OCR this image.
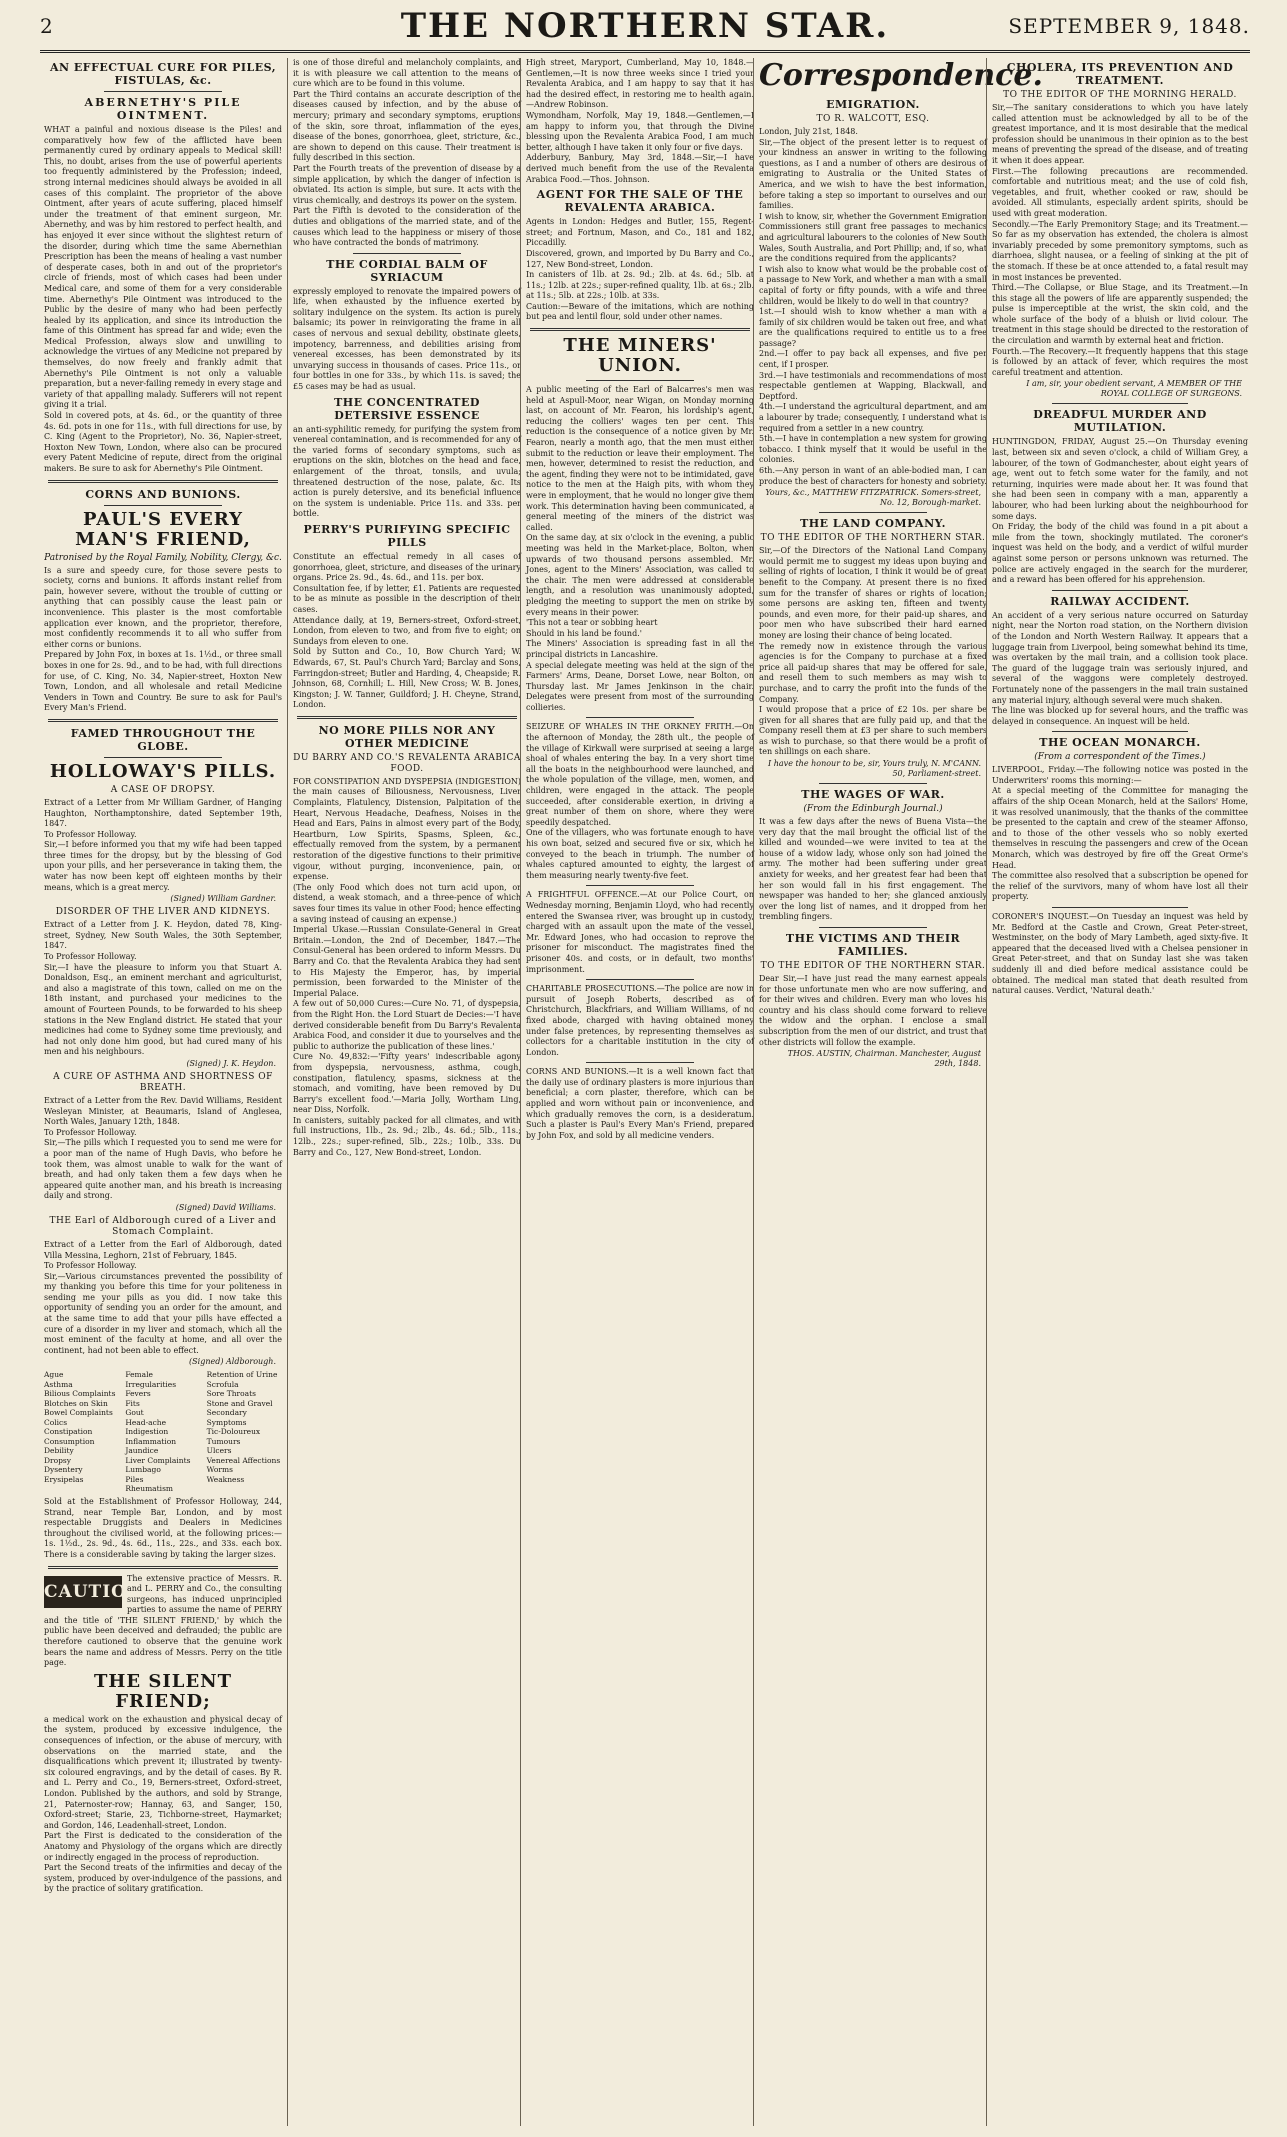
2	THE NORTHERN STAR.	SEPTEMBER 9, 1848.
AN EFFECTUAL CURE FOR PILES, FISTULAS, &c.
ABERNETHY'S PILE OINTMENT.

WHAT a painful and noxious disease is the Piles! and comparatively how few of the afflicted have been permanently cured by ordinary appeals to Medical skill! This, no doubt, arises from the use of powerful aperients too frequently administered by the Profession; indeed, strong internal medicines should always be avoided in all cases of this complaint. The proprietor of the above Ointment, after years of acute suffering, placed himself under the treatment of that eminent surgeon, Mr. Abernethy, and was by him restored to perfect health, and has enjoyed it ever since without the slightest return of the disorder, during which time the same Abernethian Prescription has been the means of healing a vast number of desperate cases, both in and out of the proprietor's circle of friends, most of which cases had been under Medical care, and some of them for a very considerable time. Abernethy's Pile Ointment was introduced to the Public by the desire of many who had been perfectly healed by its application, and since its introduction the fame of this Ointment has spread far and wide; even the Medical Profession, always slow and unwilling to acknowledge the virtues of any Medicine not prepared by themselves, do now freely and frankly admit that Abernethy's Pile Ointment is not only a valuable preparation, but a never-failing remedy in every stage and variety of that appalling malady. Sufferers will not repent giving it a trial.
Sold in covered pots, at 4s. 6d., or the quantity of three 4s. 6d. pots in one for 11s., with full directions for use, by C. King (Agent to the Proprietor), No. 36, Napier-street, Hoxton New Town, London, where also can be procured every Patent Medicine of repute, direct from the original makers. Be sure to ask for Abernethy's Pile Ointment.

CORNS AND BUNIONS.
PAUL'S EVERY MAN'S FRIEND,
Patronised by the Royal Family, Nobility, Clergy, &c.

Is a sure and speedy cure, for those severe pests to society, corns and bunions. It affords instant relief from pain, however severe, without the trouble of cutting or anything that can possibly cause the least pain or inconvenience. This plaster is the most comfortable application ever known, and the proprietor, therefore, most confidently recommends it to all who suffer from either corns or bunions.
Prepared by John Fox, in boxes at 1s. 1½d., or three small boxes in one for 2s. 9d., and to be had, with full directions for use, of C. King, No. 34, Napier-street, Hoxton New Town, London, and all wholesale and retail Medicine Venders in Town and Country. Be sure to ask for Paul's Every Man's Friend.

FAMED THROUGHOUT THE GLOBE.
HOLLOWAY'S PILLS.
A CASE OF DROPSY.

Extract of a Letter from Mr William Gardner, of Hanging Haughton, Northamptonshire, dated September 19th, 1847.
To Professor Holloway.
Sir,—I before informed you that my wife had been tapped three times for the dropsy, but by the blessing of God upon your pills, and her perseverance in taking them, the water has now been kept off eighteen months by their means, which is a great mercy.

(Signed) William Gardner.
DISORDER OF THE LIVER AND KIDNEYS.

Extract of a Letter from J. K. Heydon, dated 78, King-street, Sydney, New South Wales, the 30th September, 1847.
To Professor Holloway.
Sir,—I have the pleasure to inform you that Stuart A. Donaldson, Esq., an eminent merchant and agriculturist, and also a magistrate of this town, called on me on the 18th instant, and purchased your medicines to the amount of Fourteen Pounds, to be forwarded to his sheep stations in the New England district. He stated that your medicines had come to Sydney some time previously, and had not only done him good, but had cured many of his men and his neighbours.

(Signed) J. K. Heydon.
A CURE OF ASTHMA AND SHORTNESS OF BREATH.

Extract of a Letter from the Rev. David Williams, Resident Wesleyan Minister, at Beaumaris, Island of Anglesea, North Wales, January 12th, 1848.
To Professor Holloway.
Sir,—The pills which I requested you to send me were for a poor man of the name of Hugh Davis, who before he took them, was almost unable to walk for the want of breath, and had only taken them a few days when he appeared quite another man, and his breath is increasing daily and strong.

(Signed) David Williams.
THE Earl of Aldborough cured of a Liver and Stomach Complaint.

Extract of a Letter from the Earl of Aldborough, dated Villa Messina, Leghorn, 21st of February, 1845.
To Professor Holloway.
Sir,—Various circumstances prevented the possibility of my thanking you before this time for your politeness in sending me your pills as you did. I now take this opportunity of sending you an order for the amount, and at the same time to add that your pills have effected a cure of a disorder in my liver and stomach, which all the most eminent of the faculty at home, and all over the continent, had not been able to effect.

(Signed) Aldborough.
Ague
Asthma
Bilious Complaints
Blotches on Skin
Bowel Complaints
Colics
Constipation
Consumption
Debility
Dropsy
Dysentery
Erysipelas
Female Irregularities
Fevers
Fits
Gout
Head-ache
Indigestion
Inflammation
Jaundice
Liver Complaints
Lumbago
Piles
Rheumatism
Retention of Urine
Scrofula
Sore Throats
Stone and Gravel
Secondary Symptoms
Tic-Doloureux
Tumours
Ulcers
Venereal Affections
Worms
Weakness

Sold at the Establishment of Professor Holloway, 244, Strand, near Temple Bar, London, and by most respectable Druggists and Dealers in Medicines throughout the civilised world, at the following prices:—1s. 1½d., 2s. 9d., 4s. 6d., 11s., 22s., and 33s. each box. There is a considerable saving by taking the larger sizes.

CAUTION

The extensive practice of Messrs. R. and L. PERRY and Co., the consulting surgeons, has induced unprincipled parties to assume the name of PERRY and the title of 'THE SILENT FRIEND,' by which the public have been deceived and defrauded; the public are therefore cautioned to observe that the genuine work bears the name and address of Messrs. Perry on the title page.

THE SILENT FRIEND;

a medical work on the exhaustion and physical decay of the system, produced by excessive indulgence, the consequences of infection, or the abuse of mercury, with observations on the married state, and the disqualifications which prevent it; illustrated by twenty-six coloured engravings, and by the detail of cases. By R. and L. Perry and Co., 19, Berners-street, Oxford-street, London. Published by the authors, and sold by Strange, 21, Paternoster-row; Hannay, 63, and Sanger, 150, Oxford-street; Starie, 23, Tichborne-street, Haymarket; and Gordon, 146, Leadenhall-street, London.
Part the First is dedicated to the consideration of the Anatomy and Physiology of the organs which are directly or indirectly engaged in the process of reproduction.
Part the Second treats of the infirmities and decay of the system, produced by over-indulgence of the passions, and by the practice of solitary gratification.

is one of those direful and melancholy complaints, and it is with pleasure we call attention to the means of cure which are to be found in this volume.
Part the Third contains an accurate description of the diseases caused by infection, and by the abuse of mercury; primary and secondary symptoms, eruptions of the skin, sore throat, inflammation of the eyes, disease of the bones, gonorrhoea, gleet, stricture, &c., are shown to depend on this cause. Their treatment is fully described in this section.
Part the Fourth treats of the prevention of disease by a simple application, by which the danger of infection is obviated. Its action is simple, but sure. It acts with the virus chemically, and destroys its power on the system.
Part the Fifth is devoted to the consideration of the duties and obligations of the married state, and of the causes which lead to the happiness or misery of those who have contracted the bonds of matrimony.

THE CORDIAL BALM OF SYRIACUM

expressly employed to renovate the impaired powers of life, when exhausted by the influence exerted by solitary indulgence on the system. Its action is purely balsamic; its power in reinvigorating the frame in all cases of nervous and sexual debility, obstinate gleets, impotency, barrenness, and debilities arising from venereal excesses, has been demonstrated by its unvarying success in thousands of cases. Price 11s., or four bottles in one for 33s., by which 11s. is saved; the £5 cases may be had as usual.

THE CONCENTRATED DETERSIVE ESSENCE

an anti-syphilitic remedy, for purifying the system from venereal contamination, and is recommended for any of the varied forms of secondary symptoms, such as eruptions on the skin, blotches on the head and face, enlargement of the throat, tonsils, and uvula; threatened destruction of the nose, palate, &c. Its action is purely detersive, and its beneficial influence on the system is undeniable. Price 11s. and 33s. per bottle.

PERRY'S PURIFYING SPECIFIC PILLS

Constitute an effectual remedy in all cases of gonorrhoea, gleet, stricture, and diseases of the urinary organs. Price 2s. 9d., 4s. 6d., and 11s. per box.
Consultation fee, if by letter, £1. Patients are requested to be as minute as possible in the description of their cases.
Attendance daily, at 19, Berners-street, Oxford-street, London, from eleven to two, and from five to eight; on Sundays from eleven to one.
Sold by Sutton and Co., 10, Bow Church Yard; W. Edwards, 67, St. Paul's Church Yard; Barclay and Sons, Farringdon-street; Butler and Harding, 4, Cheapside; R. Johnson, 68, Cornhill; L. Hill, New Cross; W. B. Jones, Kingston; J. W. Tanner, Guildford; J. H. Cheyne, Strand, London.

NO MORE PILLS NOR ANY OTHER MEDICINE
DU BARRY AND CO.'S REVALENTA ARABICA FOOD.

FOR CONSTIPATION AND DYSPEPSIA (INDIGESTION) the main causes of Biliousness, Nervousness, Liver Complaints, Flatulency, Distension, Palpitation of the Heart, Nervous Headache, Deafness, Noises in the Head and Ears, Pains in almost every part of the Body, Heartburn, Low Spirits, Spasms, Spleen, &c., effectually removed from the system, by a permanent restoration of the digestive functions to their primitive vigour, without purging, inconvenience, pain, or expense.
(The only Food which does not turn acid upon, or distend, a weak stomach, and a three-pence of which saves four times its value in other Food; hence effecting a saving instead of causing an expense.)
Imperial Ukase.—Russian Consulate-General in Great Britain.—London, the 2nd of December, 1847.—The Consul-General has been ordered to inform Messrs. Du Barry and Co. that the Revalenta Arabica they had sent to His Majesty the Emperor, has, by imperial permission, been forwarded to the Minister of the Imperial Palace.
A few out of 50,000 Cures:—Cure No. 71, of dyspepsia, from the Right Hon. the Lord Stuart de Decies:—'I have derived considerable benefit from Du Barry's Revalenta Arabica Food, and consider it due to yourselves and the public to authorize the publication of these lines.'

Cure No. 49,832:—'Fifty years' indescribable agony from dyspepsia, nervousness, asthma, cough, constipation, flatulency, spasms, sickness at the stomach, and vomiting, have been removed by Du Barry's excellent food.'—Maria Jolly, Wortham Ling, near Diss, Norfolk.
In canisters, suitably packed for all climates, and with full instructions, 1lb., 2s. 9d.; 2lb., 4s. 6d.; 5lb., 11s.; 12lb., 22s.; super-refined, 5lb., 22s.; 10lb., 33s. Du Barry and Co., 127, New Bond-street, London.

High street, Maryport, Cumberland, May 10, 1848.—Gentlemen,—It is now three weeks since I tried your Revalenta Arabica, and I am happy to say that it has had the desired effect, in restoring me to health again.—Andrew Robinson.
Wymondham, Norfolk, May 19, 1848.—Gentlemen,—I am happy to inform you, that through the Divine blessing upon the Revalenta Arabica Food, I am much better, although I have taken it only four or five days.
Adderbury, Banbury, May 3rd, 1848.—Sir,—I have derived much benefit from the use of the Revalenta Arabica Food.—Thos. Johnson.

AGENT FOR THE SALE OF THE REVALENTA ARABICA.

Agents in London: Hedges and Butler, 155, Regent-street; and Fortnum, Mason, and Co., 181 and 182, Piccadilly.
Discovered, grown, and imported by Du Barry and Co., 127, New Bond-street, London.
In canisters of 1lb. at 2s. 9d.; 2lb. at 4s. 6d.; 5lb. at 11s.; 12lb. at 22s.; super-refined quality, 1lb. at 6s.; 2lb. at 11s.; 5lb. at 22s.; 10lb. at 33s.
Caution:—Beware of the imitations, which are nothing but pea and lentil flour, sold under other names.

THE MINERS' UNION.

A public meeting of the Earl of Balcarres's men was held at Aspull-Moor, near Wigan, on Monday morning last, on account of Mr. Fearon, his lordship's agent, reducing the colliers' wages ten per cent. This reduction is the consequence of a notice given by Mr. Fearon, nearly a month ago, that the men must either submit to the reduction or leave their employment. The men, however, determined to resist the reduction, and the agent, finding they were not to be intimidated, gave notice to the men at the Haigh pits, with whom they were in employment, that he would no longer give them work. This determination having been communicated, a general meeting of the miners of the district was called.
On the same day, at six o'clock in the evening, a public meeting was held in the Market-place, Bolton, when upwards of two thousand persons assembled. Mr. Jones, agent to the Miners' Association, was called to the chair. The men were addressed at considerable length, and a resolution was unanimously adopted, pledging the meeting to support the men on strike by every means in their power.
'This not a tear or sobbing heart
Should in his land be found.'
The Miners' Association is spreading fast in all the principal districts in Lancashire.
A special delegate meeting was held at the sign of the Farmers' Arms, Deane, Dorset Lowe, near Bolton, on Thursday last. Mr James Jenkinson in the chair. Delegates were present from most of the surrounding collieries.

SEIZURE OF WHALES IN THE ORKNEY FRITH.—On the afternoon of Monday, the 28th ult., the people of the village of Kirkwall were surprised at seeing a large shoal of whales entering the bay. In a very short time all the boats in the neighbourhood were launched, and the whole population of the village, men, women, and children, were engaged in the attack. The people succeeded, after considerable exertion, in driving a great number of them on shore, where they were speedily despatched.
One of the villagers, who was fortunate enough to have his own boat, seized and secured five or six, which he conveyed to the beach in triumph. The number of whales captured amounted to eighty, the largest of them measuring nearly twenty-five feet.

A FRIGHTFUL OFFENCE.—At our Police Court, on Wednesday morning, Benjamin Lloyd, who had recently entered the Swansea river, was brought up in custody, charged with an assault upon the mate of the vessel, Mr. Edward Jones, who had occasion to reprove the prisoner for misconduct. The magistrates fined the prisoner 40s. and costs, or in default, two months' imprisonment.

CHARITABLE PROSECUTIONS.—The police are now in pursuit of Joseph Roberts, described as of Christchurch, Blackfriars, and William Williams, of no fixed abode, charged with having obtained money under false pretences, by representing themselves as collectors for a charitable institution in the city of London.

CORNS AND BUNIONS.—It is a well known fact that the daily use of ordinary plasters is more injurious than beneficial; a corn plaster, therefore, which can be applied and worn without pain or inconvenience, and which gradually removes the corn, is a desideratum. Such a plaster is Paul's Every Man's Friend, prepared by John Fox, and sold by all medicine venders.

Correspondence.
EMIGRATION.
TO R. WALCOTT, ESQ.

London, July 21st, 1848.
Sir,—The object of the present letter is to request of your kindness an answer in writing to the following questions, as I and a number of others are desirous of emigrating to Australia or the United States of America, and we wish to have the best information, before taking a step so important to ourselves and our families.
I wish to know, sir, whether the Government Emigration Commissioners still grant free passages to mechanics and agricultural labourers to the colonies of New South Wales, South Australia, and Port Phillip; and, if so, what are the conditions required from the applicants?
I wish also to know what would be the probable cost of a passage to New York, and whether a man with a small capital of forty or fifty pounds, with a wife and three children, would be likely to do well in that country?
1st.—I should wish to know whether a man with a family of six children would be taken out free, and what are the qualifications required to entitle us to a free passage?
2nd.—I offer to pay back all expenses, and five per cent, if I prosper.
3rd.—I have testimonials and recommendations of most respectable gentlemen at Wapping, Blackwall, and Deptford.
4th.—I understand the agricultural department, and am a labourer by trade; consequently, I understand what is required from a settler in a new country.
5th.—I have in contemplation a new system for growing tobacco. I think myself that it would be useful in the colonies.
6th.—Any person in want of an able-bodied man, I can produce the best of characters for honesty and sobriety.

Yours, &c., MATTHEW FITZPATRICK. Somers-street, No. 12, Borough-market.
THE LAND COMPANY.
TO THE EDITOR OF THE NORTHERN STAR.

Sir,—Of the Directors of the National Land Company would permit me to suggest my ideas upon buying and selling of rights of location, I think it would be of great benefit to the Company. At present there is no fixed sum for the transfer of shares or rights of location; some persons are asking ten, fifteen and twenty pounds, and even more, for their paid-up shares, and poor men who have subscribed their hard earned money are losing their chance of being located.
The remedy now in existence through the various agencies is for the Company to purchase at a fixed price all paid-up shares that may be offered for sale, and resell them to such members as may wish to purchase, and to carry the profit into the funds of the Company.
I would propose that a price of £2 10s. per share be given for all shares that are fully paid up, and that the Company resell them at £3 per share to such members as wish to purchase, so that there would be a profit of ten shillings on each share.

I have the honour to be, sir, Yours truly, N. M'CANN. 50, Parliament-street.
THE WAGES OF WAR.
(From the Edinburgh Journal.)

It was a few days after the news of Buena Vista—the very day that the mail brought the official list of the killed and wounded—we were invited to tea at the house of a widow lady, whose only son had joined the army. The mother had been suffering under great anxiety for weeks, and her greatest fear had been that her son would fall in his first engagement. The newspaper was handed to her; she glanced anxiously over the long list of names, and it dropped from her trembling fingers.

THE VICTIMS AND THEIR FAMILIES.
TO THE EDITOR OF THE NORTHERN STAR.

Dear Sir,—I have just read the many earnest appeals for those unfortunate men who are now suffering, and for their wives and children. Every man who loves his country and his class should come forward to relieve the widow and the orphan. I enclose a small subscription from the men of our district, and trust that other districts will follow the example.

THOS. AUSTIN, Chairman. Manchester, August 29th, 1848.
CHOLERA, ITS PREVENTION AND TREATMENT.
TO THE EDITOR OF THE MORNING HERALD.

Sir,—The sanitary considerations to which you have lately called attention must be acknowledged by all to be of the greatest importance, and it is most desirable that the medical profession should be unanimous in their opinion as to the best means of preventing the spread of the disease, and of treating it when it does appear.
First.—The following precautions are recommended. comfortable and nutritious meat; and the use of cold fish, vegetables, and fruit, whether cooked or raw, should be avoided. All stimulants, especially ardent spirits, should be used with great moderation.
Secondly.—The Early Premonitory Stage; and its Treatment.—So far as my observation has extended, the cholera is almost invariably preceded by some premonitory symptoms, such as diarrhoea, slight nausea, or a feeling of sinking at the pit of the stomach. If these be at once attended to, a fatal result may in most instances be prevented.
Third.—The Collapse, or Blue Stage, and its Treatment.—In this stage all the powers of life are apparently suspended; the pulse is imperceptible at the wrist, the skin cold, and the whole surface of the body of a bluish or livid colour. The treatment in this stage should be directed to the restoration of the circulation and warmth by external heat and friction.
Fourth.—The Recovery.—It frequently happens that this stage is followed by an attack of fever, which requires the most careful treatment and attention.

I am, sir, your obedient servant, A MEMBER OF THE ROYAL COLLEGE OF SURGEONS.
DREADFUL MURDER AND MUTILATION.

HUNTINGDON, FRIDAY, August 25.—On Thursday evening last, between six and seven o'clock, a child of William Grey, a labourer, of the town of Godmanchester, about eight years of age, went out to fetch some water for the family, and not returning, inquiries were made about her. It was found that she had been seen in company with a man, apparently a labourer, who had been lurking about the neighbourhood for some days.
On Friday, the body of the child was found in a pit about a mile from the town, shockingly mutilated. The coroner's inquest was held on the body, and a verdict of wilful murder against some person or persons unknown was returned. The police are actively engaged in the search for the murderer, and a reward has been offered for his apprehension.

RAILWAY ACCIDENT.

An accident of a very serious nature occurred on Saturday night, near the Norton road station, on the Northern division of the London and North Western Railway. It appears that a luggage train from Liverpool, being somewhat behind its time, was overtaken by the mail train, and a collision took place. The guard of the luggage train was seriously injured, and several of the waggons were completely destroyed. Fortunately none of the passengers in the mail train sustained any material injury, although several were much shaken.
The line was blocked up for several hours, and the traffic was delayed in consequence. An inquest will be held.

THE OCEAN MONARCH.
(From a correspondent of the Times.)

LIVERPOOL, Friday.—The following notice was posted in the Underwriters' rooms this morning:—
At a special meeting of the Committee for managing the affairs of the ship Ocean Monarch, held at the Sailors' Home, it was resolved unanimously, that the thanks of the committee be presented to the captain and crew of the steamer Affonso, and to those of the other vessels who so nobly exerted themselves in rescuing the passengers and crew of the Ocean Monarch, which was destroyed by fire off the Great Orme's Head.
The committee also resolved that a subscription be opened for the relief of the survivors, many of whom have lost all their property.

CORONER'S INQUEST.—On Tuesday an inquest was held by Mr. Bedford at the Castle and Crown, Great Peter-street, Westminster, on the body of Mary Lambeth, aged sixty-five. It appeared that the deceased lived with a Chelsea pensioner in Great Peter-street, and that on Sunday last she was taken suddenly ill and died before medical assistance could be obtained. The medical man stated that death resulted from natural causes. Verdict, 'Natural death.'
